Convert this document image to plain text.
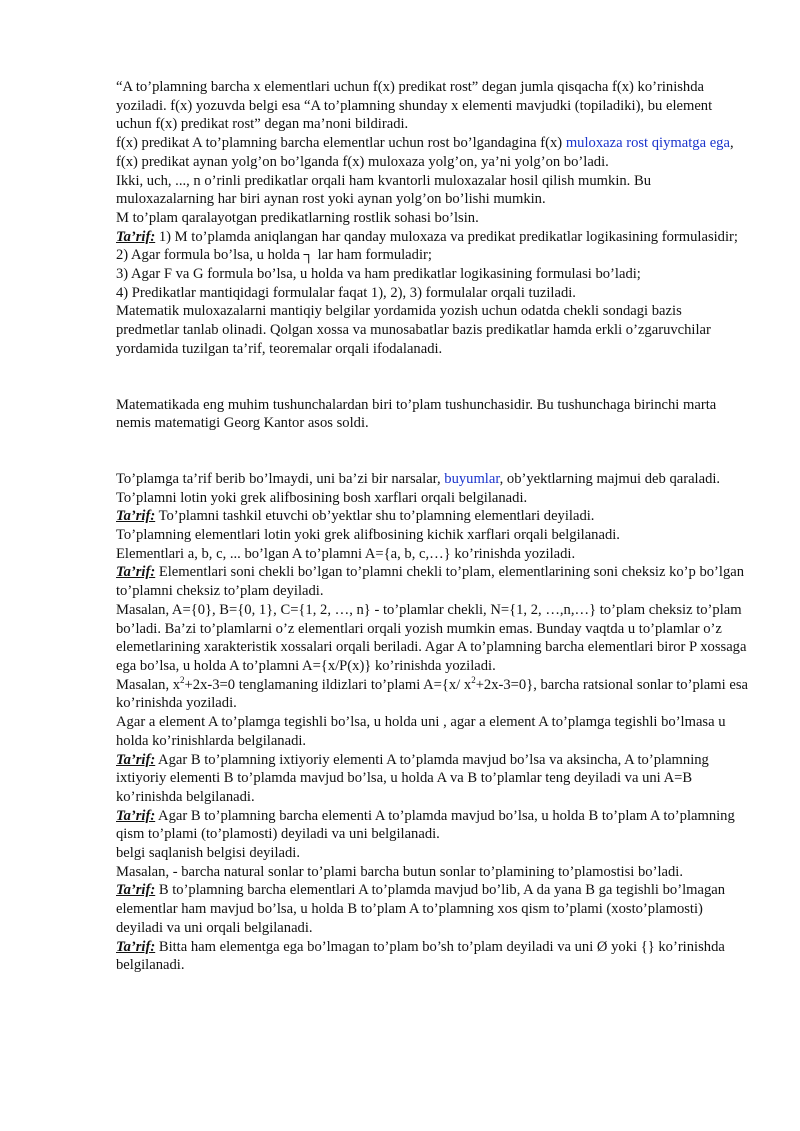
“A to’plamning barcha x elementlari uchun f(x) predikat rost” degan jumla qisqacha f(x) ko’rinishda yoziladi. f(x) yozuvda belgi esa “A to’plamning shunday x elementi mavjudki (topiladiki), bu element uchun f(x) predikat rost” degan ma’noni bildiradi.

f(x) predikat A to’plamning barcha elementlar uchun rost bo’lgandagina f(x) muloxaza rost qiymatga ega, f(x) predikat aynan yolg’on bo’lganda f(x) muloxaza yolg’on, ya’ni yolg’on bo’ladi.

Ikki, uch, ..., n o’rinli predikatlar orqali ham kvantorli muloxazalar hosil qilish mumkin. Bu muloxazalarning har biri aynan rost yoki aynan yolg’on bo’lishi mumkin.

M to’plam qaralayotgan predikatlarning rostlik sohasi bo’lsin.

Ta’rif: 1) M to’plamda aniqlangan har qanday muloxaza va predikat predikatlar logikasining formulasidir;

2) Agar formula bo’lsa, u holda ┐ lar ham formuladir;

3) Agar F va G formula bo’lsa, u holda va ham predikatlar logikasining formulasi bo’ladi;

4) Predikatlar mantiqidagi formulalar faqat 1), 2), 3) formulalar orqali tuziladi.

Matematik muloxazalarni mantiqiy belgilar yordamida yozish uchun odatda chekli sondagi bazis predmetlar tanlab olinadi. Qolgan xossa va munosabatlar bazis predikatlar hamda erkli o’zgaruvchilar yordamida tuzilgan ta’rif, teoremalar orqali ifodalanadi.

Matematikada eng muhim tushunchalardan biri to’plam tushunchasidir. Bu tushunchaga birinchi marta nemis matematigi Georg Kantor asos soldi.

To’plamga ta’rif berib bo’lmaydi, uni ba’zi bir narsalar, buyumlar, ob’yektlarning majmui deb qaraladi.

To’plamni lotin yoki grek alifbosining bosh xarflari orqali belgilanadi.

Ta’rif: To’plamni tashkil etuvchi ob’yektlar shu to’plamning elementlari deyiladi.

To’plamning elementlari lotin yoki grek alifbosining kichik xarflari orqali belgilanadi.

Elementlari a, b, c, ... bo’lgan A to’plamni A={a, b, c,…} ko’rinishda yoziladi.

Ta’rif: Elementlari soni chekli bo’lgan to’plamni chekli to’plam, elementlarining soni cheksiz ko’p bo’lgan to’plamni cheksiz to’plam deyiladi.

Masalan, A={0}, B={0, 1}, C={1, 2, …, n} - to’plamlar chekli, N={1, 2, …,n,…} to’plam cheksiz to’plam bo’ladi. Ba’zi to’plamlarni o’z elementlari orqali yozish mumkin emas. Bunday vaqtda u to’plamlar o’z elemetlarining xarakteristik xossalari orqali beriladi. Agar A to’plamning barcha elementlari biror P xossaga ega bo’lsa, u holda A to’plamni A={x/P(x)} ko’rinishda yoziladi.

Masalan, $x^2+2x-3=0$ tenglamaning ildizlari to’plami A={x/ $x^2+2x-3=0$}, barcha ratsional sonlar to’plami esa ko’rinishda yoziladi.

Agar a element A to’plamga tegishli bo’lsa, u holda uni , agar a element A to’plamga tegishli bo’lmasa u holda ko’rinishlarda belgilanadi.

Ta’rif: Agar B to’plamning ixtiyoriy elementi A to’plamda mavjud bo’lsa va aksincha, A to’plamning ixtiyoriy elementi B to’plamda mavjud bo’lsa, u holda A va B to’plamlar teng deyiladi va uni A=B ko’rinishda belgilanadi.

Ta’rif: Agar B to’plamning barcha elementi A to’plamda mavjud bo’lsa, u holda B to’plam A to’plamning qism to’plami (to’plamosti) deyiladi va uni belgilanadi.

belgi saqlanish belgisi deyiladi.

Masalan, - barcha natural sonlar to’plami barcha butun sonlar to’plamining to’plamostisi bo’ladi.

Ta’rif: B to’plamning barcha elementlari A to’plamda mavjud bo’lib, A da yana B ga tegishli bo’lmagan elementlar ham mavjud bo’lsa, u holda B to’plam A to’plamning xos qism to’plami (xosto’plamosti) deyiladi va uni orqali belgilanadi.

Ta’rif: Bitta ham elementga ega bo’lmagan to’plam bo’sh to’plam deyiladi va uni Ø yoki {} ko’rinishda belgilanadi.
